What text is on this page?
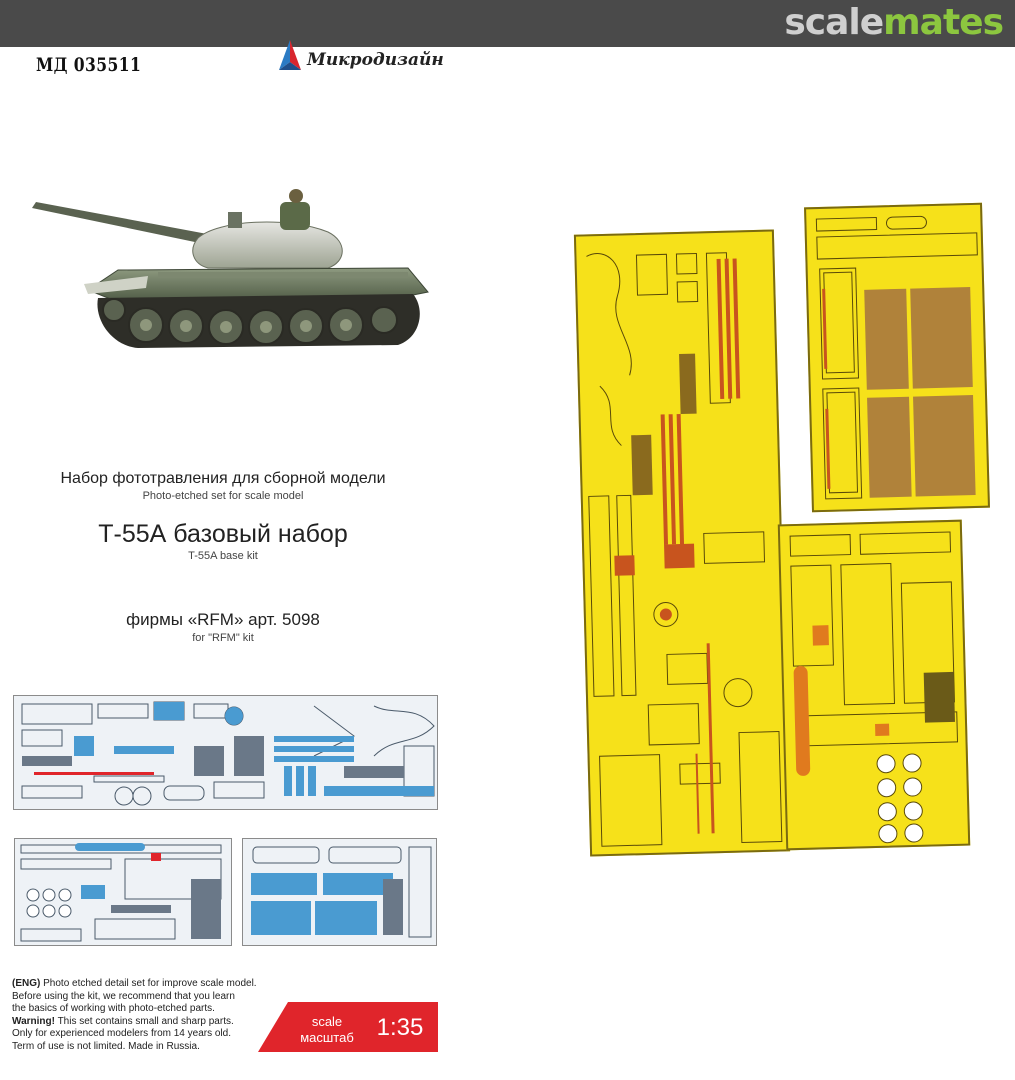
scalemates
МД 035511	Микродизайн
Набор фототравления для сборной модели
Photo-etched set for scale model
Т-55А базовый набор
T-55A base kit
фирмы «RFM» арт. 5098
for "RFM" kit
(ENG) Photo etched detail set for improve scale model.
Before using the kit, we recommend that you learn
the basics of working with photo-etched parts.
Warning! This set contains small and sharp parts.
Only for experienced modelers from 14 years old.
Term of use is not limited. Made in Russia.
scale
масштаб 1:35
